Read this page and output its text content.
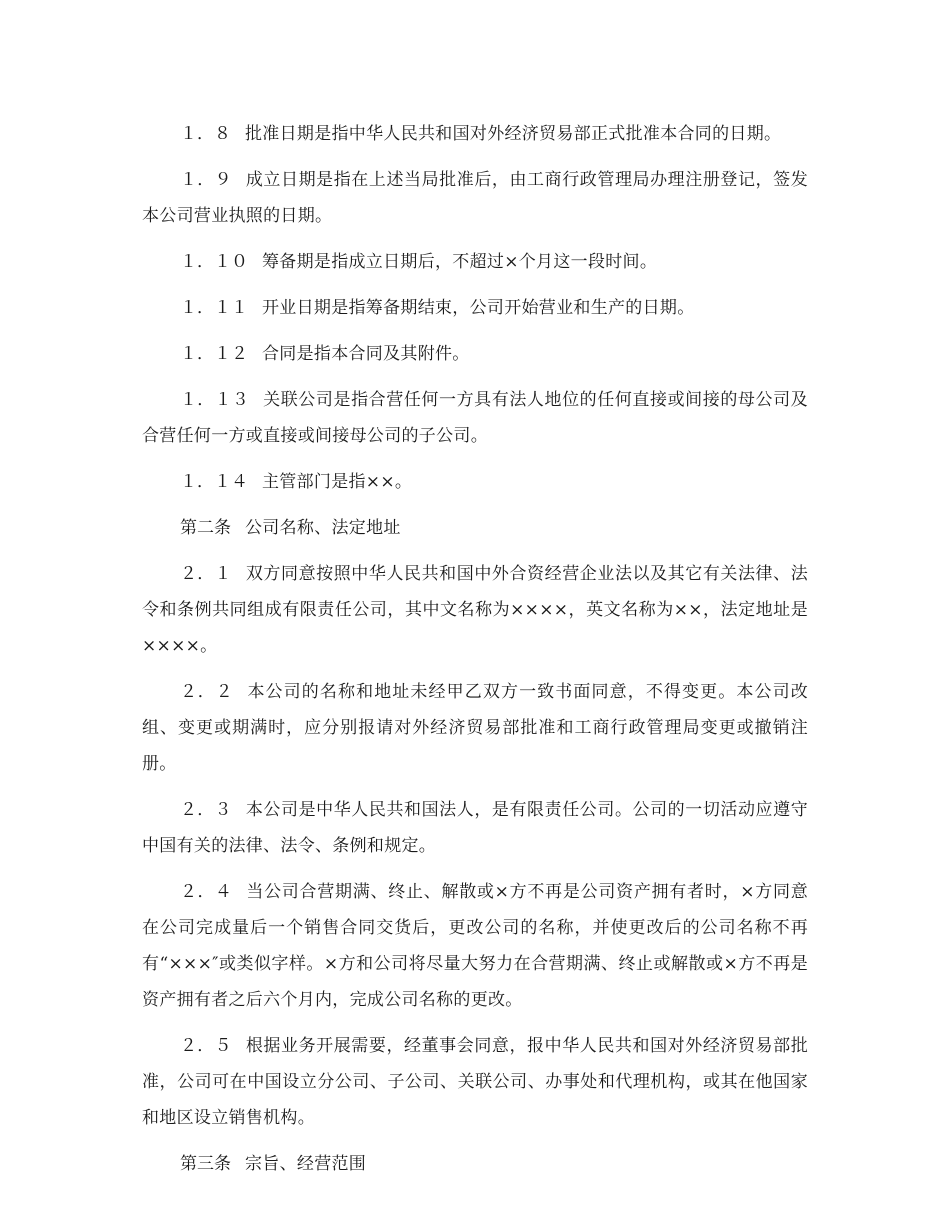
１．８ 批准日期是指中华人民共和国对外经济贸易部正式批准本合同的日期。

１．９ 成立日期是指在上述当局批准后，由工商行政管理局办理注册登记，签发本公司营业执照的日期。

１．１０ 筹备期是指成立日期后，不超过×个月这一段时间。

１．１１ 开业日期是指筹备期结束，公司开始营业和生产的日期。

１．１２ 合同是指本合同及其附件。

１．１３ 关联公司是指合营任何一方具有法人地位的任何直接或间接的母公司及合营任何一方或直接或间接母公司的子公司。

１．１４ 主管部门是指××。

第二条 公司名称、法定地址

２．１ 双方同意按照中华人民共和国中外合资经营企业法以及其它有关法律、法令和条例共同组成有限责任公司，其中文名称为××××，英文名称为××，法定地址是××××。

２．２ 本公司的名称和地址未经甲乙双方一致书面同意，不得变更。本公司改组、变更或期满时，应分别报请对外经济贸易部批准和工商行政管理局变更或撤销注册。

２．３ 本公司是中华人民共和国法人，是有限责任公司。公司的一切活动应遵守中国有关的法律、法令、条例和规定。

２．４ 当公司合营期满、终止、解散或×方不再是公司资产拥有者时，×方同意在公司完成量后一个销售合同交货后，更改公司的名称，并使更改后的公司名称不再有“×××″或类似字样。×方和公司将尽量大努力在合营期满、终止或解散或×方不再是资产拥有者之后六个月内，完成公司名称的更改。

２．５ 根据业务开展需要，经董事会同意，报中华人民共和国对外经济贸易部批准，公司可在中国设立分公司、子公司、关联公司、办事处和代理机构，或其在他国家和地区设立销售机构。

第三条 宗旨、经营范围
